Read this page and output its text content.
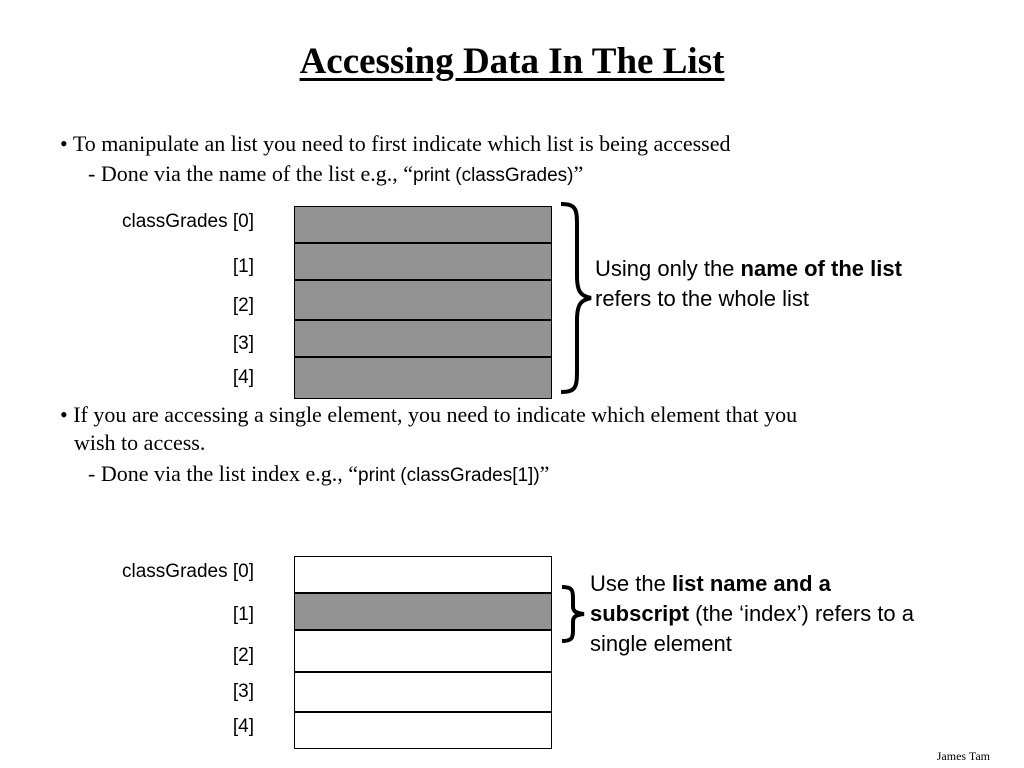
Accessing Data In The List
• To manipulate an list you need to first indicate which list is being accessed
- Done via the name of the list e.g., “print (classGrades)”
classGrades [0]
[1]
[2]
[3]
[4]
Using only the name of the list refers to the whole list
• If you are accessing a single element, you need to indicate which element that you
wish to access.
- Done via the list index e.g., “print (classGrades[1])”
classGrades [0]
[1]
[2]
[3]
[4]
Use the list name and a subscript (the ‘index’) refers to a single element
James Tam
